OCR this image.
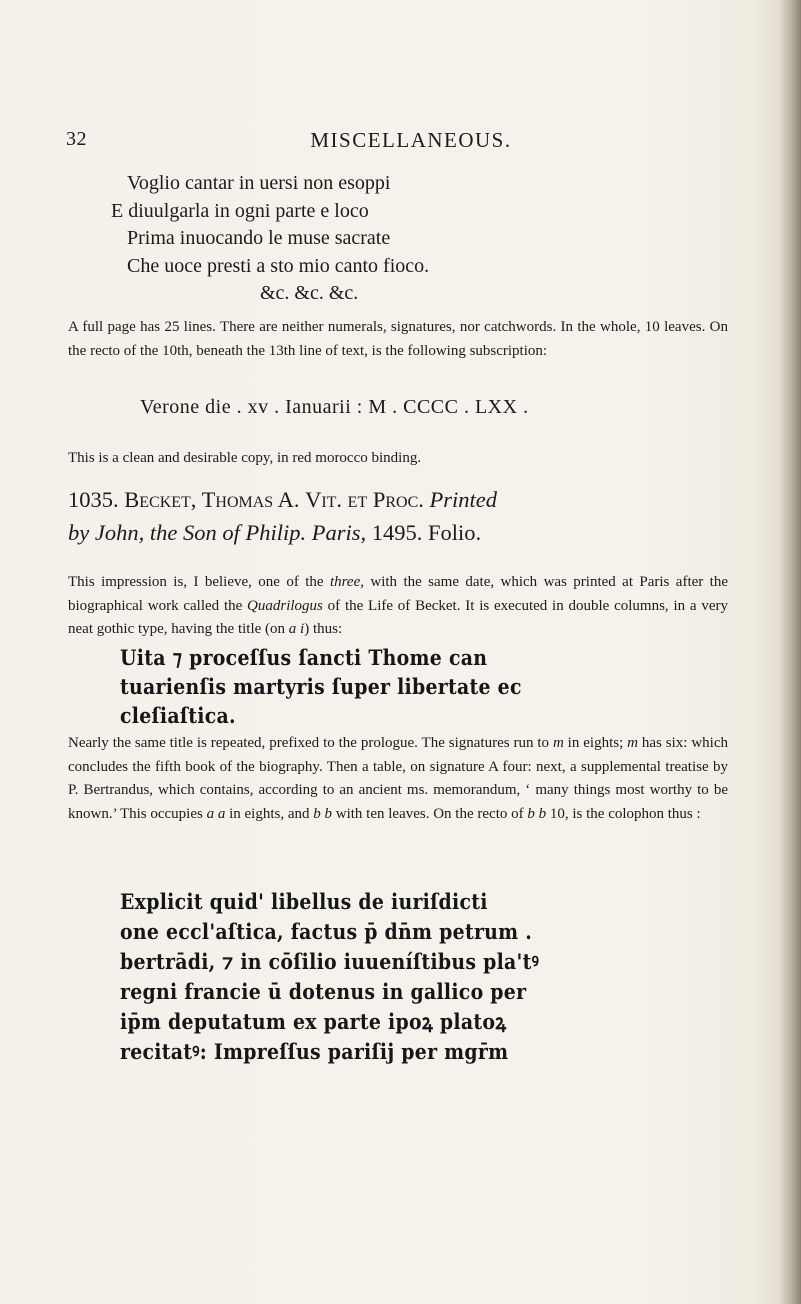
32	MISCELLANEOUS.
Voglio cantar in uersi non esoppi
E diuulgarla in ogni parte e loco
Prima inuocando le muse sacrate
Che uoce presti a sto mio canto fioco.
&c. &c. &c.
A full page has 25 lines. There are neither numerals, signatures, nor catchwords. In the whole, 10 leaves. On the recto of the 10th, beneath the 13th line of text, is the following subscription:
Verone die . xv . Ianuarii : M . CCCC . LXX .
This is a clean and desirable copy, in red morocco binding.
1035. Becket, Thomas A. Vit. et Proc. Printed
by John, the Son of Philip. Paris, 1495. Folio.
This impression is, I believe, one of the three, with the same date, which was printed at Paris after the biographical work called the Quadrilogus of the Life of Becket. It is executed in double columns, in a very neat gothic type, having the title (on a i) thus:
Uita ⁊ proceſſus ſancti Thome can
tuarienſis martyris ſuper libertate ec
cleſiaſtica.
Nearly the same title is repeated, prefixed to the prologue. The signatures run to m in eights; m has six: which concludes the fifth book of the biography. Then a table, on signature A four: next, a supplemental treatise by P. Bertrandus, which contains, according to an ancient ms. memorandum, ‘ many things most worthy to be known.’ This occupies a a in eights, and b b with ten leaves. On the recto of b b 10, is the colophon thus :
Explicit quid' libellus de iuriſdicti
one eccl'aſtica, factus p̄ dn̄m petrum .
bertrādi, ⁊ in cōſilio iuueníſtibus pla'tꝰ
regni francie ū dotenus in gallico per
ip̄m deputatum ex parte ipoꝝ platoꝝ
recitatꝰ: Impreſſus pariſij per mgr̄m
